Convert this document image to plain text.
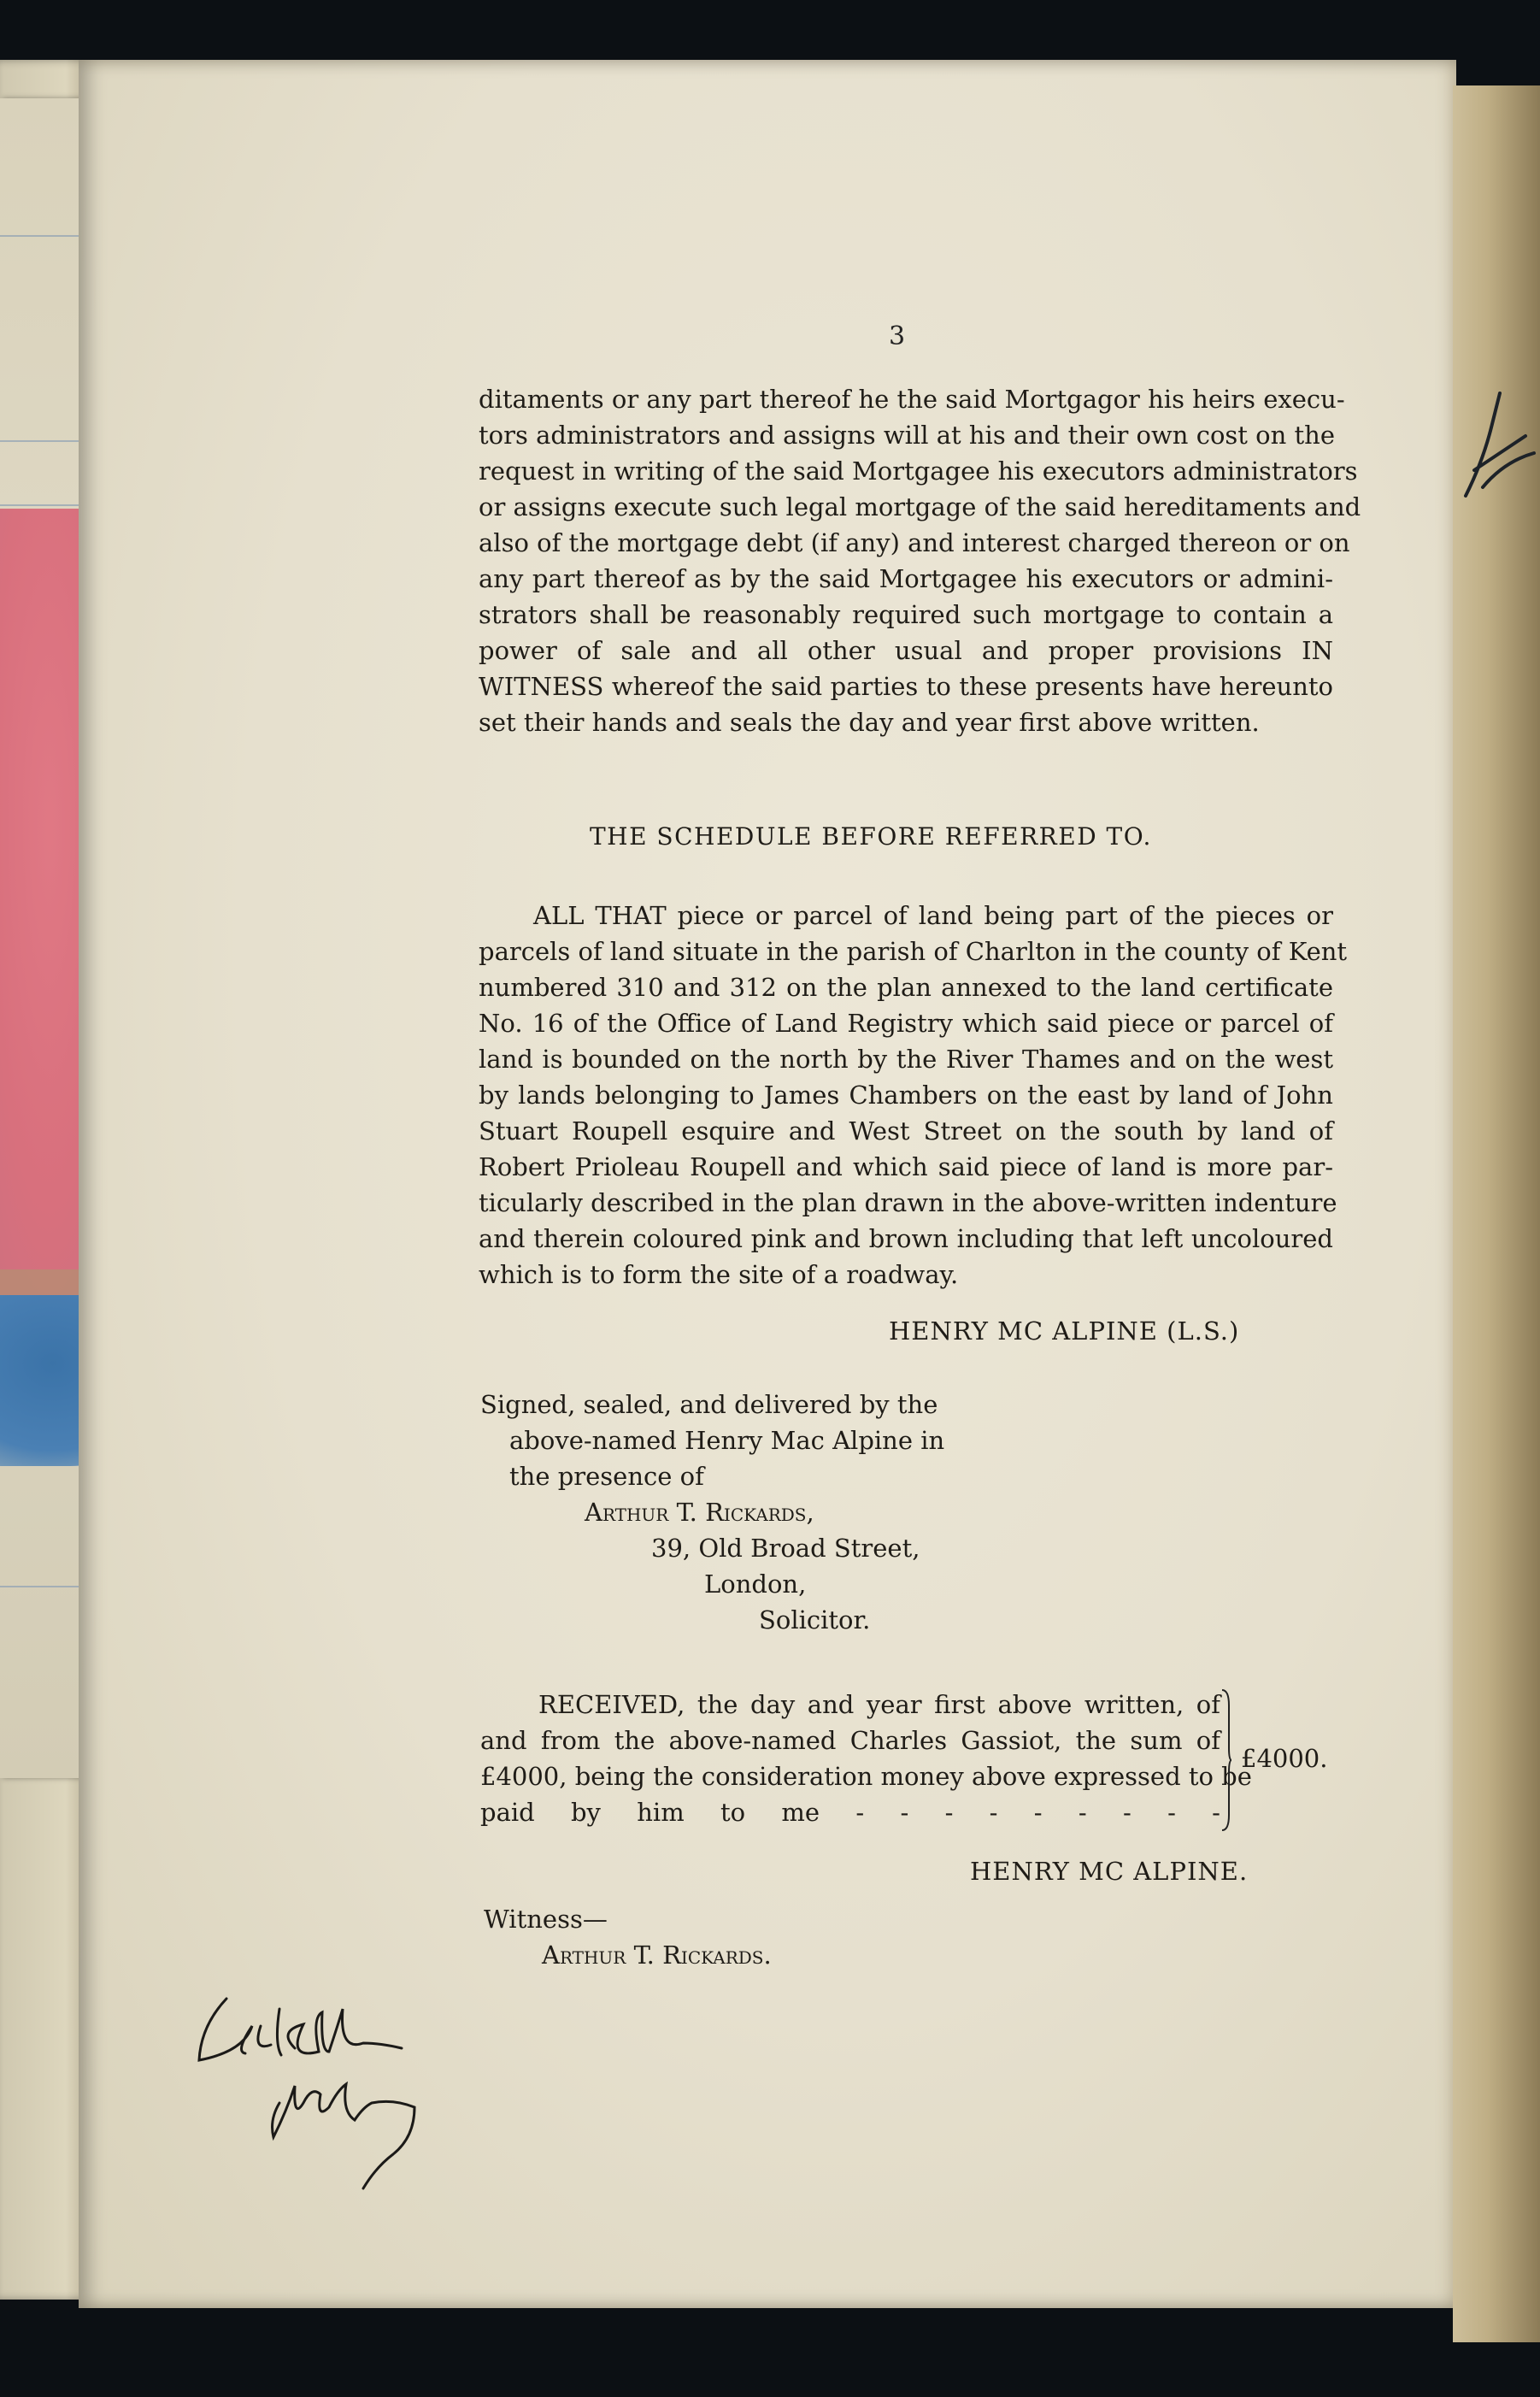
3
ditaments or any part thereof he the said Mortgagor his heirs execu-
tors administrators and assigns will at his and their own cost on the
request in writing of the said Mortgagee his executors administrators
or assigns execute such legal mortgage of the said hereditaments and
also of the mortgage debt (if any) and interest charged thereon or on
any part thereof as by the said Mortgagee his executors or admini-
strators shall be reasonably required such mortgage to contain a
power of sale and all other usual and proper provisions IN
WITNESS whereof the said parties to these presents have hereunto
set their hands and seals the day and year first above written.
THE SCHEDULE BEFORE REFERRED TO.
ALL THAT piece or parcel of land being part of the pieces or
parcels of land situate in the parish of Charlton in the county of Kent
numbered 310 and 312 on the plan annexed to the land certificate
No. 16 of the Office of Land Registry which said piece or parcel of
land is bounded on the north by the River Thames and on the west
by lands belonging to James Chambers on the east by land of John
Stuart Roupell esquire and West Street on the south by land of
Robert Prioleau Roupell and which said piece of land is more par-
ticularly described in the plan drawn in the above-written indenture
and therein coloured pink and brown including that left uncoloured
which is to form the site of a roadway.
HENRY MC ALPINE (L.S.)
Signed, sealed, and delivered by the
above-named Henry Mac Alpine in
the presence of
Arthur T. Rickards,
39, Old Broad Street,
London,
Solicitor.
RECEIVED, the day and year first above written, of
and from the above-named Charles Gassiot, the sum of
£4000, being the consideration money above expressed to be
paid by him to me - - - - - - - - -
£4000.
HENRY MC ALPINE.
Witness—
Arthur T. Rickards.
